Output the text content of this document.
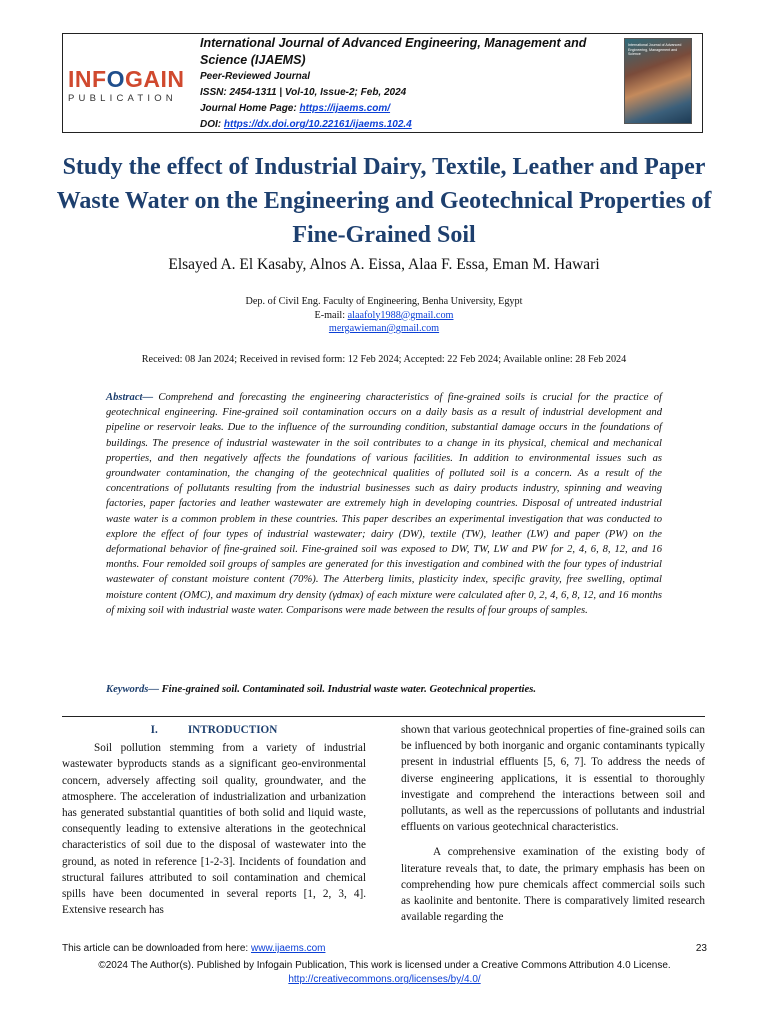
INFOGAIN
PUBLICATION
International Journal of Advanced Engineering, Management and Science (IJAEMS)
Peer-Reviewed Journal
ISSN: 2454-1311 | Vol-10, Issue-2; Feb, 2024
Journal Home Page: https://ijaems.com/
DOI: https://dx.doi.org/10.22161/ijaems.102.4
International Journal of Advanced Engineering, Management and Science
Study the effect of Industrial Dairy, Textile, Leather and Paper Waste Water on the Engineering and Geotechnical Properties of Fine-Grained Soil
Elsayed A. El Kasaby, Alnos A. Eissa, Alaa F. Essa, Eman M. Hawari
Dep. of Civil Eng. Faculty of Engineering, Benha University, Egypt
E-mail: alaafoly1988@gmail.com
mergawieman@gmail.com
Received: 08 Jan 2024; Received in revised form: 12 Feb 2024; Accepted: 22 Feb 2024; Available online: 28 Feb 2024
Abstract— Comprehend and forecasting the engineering characteristics of fine-grained soils is crucial for the practice of geotechnical engineering. Fine-grained soil contamination occurs on a daily basis as a result of industrial development and pipeline or reservoir leaks. Due to the influence of the surrounding condition, substantial damage occurs in the foundations of buildings. The presence of industrial wastewater in the soil contributes to a change in its physical, chemical and mechanical properties, and then negatively affects the foundations of various facilities. In addition to environmental issues such as groundwater contamination, the changing of the geotechnical qualities of polluted soil is a concern. As a result of the concentrations of pollutants resulting from the industrial businesses such as dairy products industry, spinning and weaving factories, paper factories and leather wastewater are extremely high in developing countries. Disposal of untreated industrial waste water is a common problem in these countries. This paper describes an experimental investigation that was conducted to explore the effect of four types of industrial wastewater; dairy (DW), textile (TW), leather (LW) and paper (PW) on the deformational behavior of fine-grained soil. Fine-grained soil was exposed to DW, TW, LW and PW for 2, 4, 6, 8, 12, and 16 months. Four remolded soil groups of samples are generated for this investigation and combined with the four types of industrial wastewater of constant moisture content (70%). The Atterberg limits, plasticity index, specific gravity, free swelling, optimal moisture content (OMC), and maximum dry density (γdmax) of each mixture were calculated after 0, 2, 4, 6, 8, 12, and 16 months of mixing soil with industrial waste water. Comparisons were made between the results of four groups of samples.
Keywords— Fine-grained soil. Contaminated soil. Industrial waste water. Geotechnical properties.
I.	INTRODUCTION

Soil pollution stemming from a variety of industrial wastewater byproducts stands as a significant geo-environmental concern, adversely affecting soil quality, groundwater, and the atmosphere. The acceleration of industrialization and urbanization has generated substantial quantities of both solid and liquid waste, consequently leading to extensive alterations in the geotechnical characteristics of soil due to the disposal of wastewater into the ground, as noted in reference [1-2-3]. Incidents of foundation and structural failures attributed to soil contamination and chemical spills have been documented in several reports [1, 2, 3, 4]. Extensive research has

shown that various geotechnical properties of fine-grained soils can be influenced by both inorganic and organic contaminants typically present in industrial effluents [5, 6, 7]. To address the needs of diverse engineering applications, it is essential to thoroughly investigate and comprehend the interactions between soil and pollutants, as well as the repercussions of pollutants and industrial effluents on various geotechnical characteristics.

A comprehensive examination of the existing body of literature reveals that, to date, the primary emphasis has been on comprehending how pure chemicals affect commercial soils such as kaolinite and bentonite. There is comparatively limited research available regarding the

This article can be downloaded from here: www.ijaems.com	23
©2024 The Author(s). Published by Infogain Publication, This work is licensed under a Creative Commons Attribution 4.0 License.
http://creativecommons.org/licenses/by/4.0/
